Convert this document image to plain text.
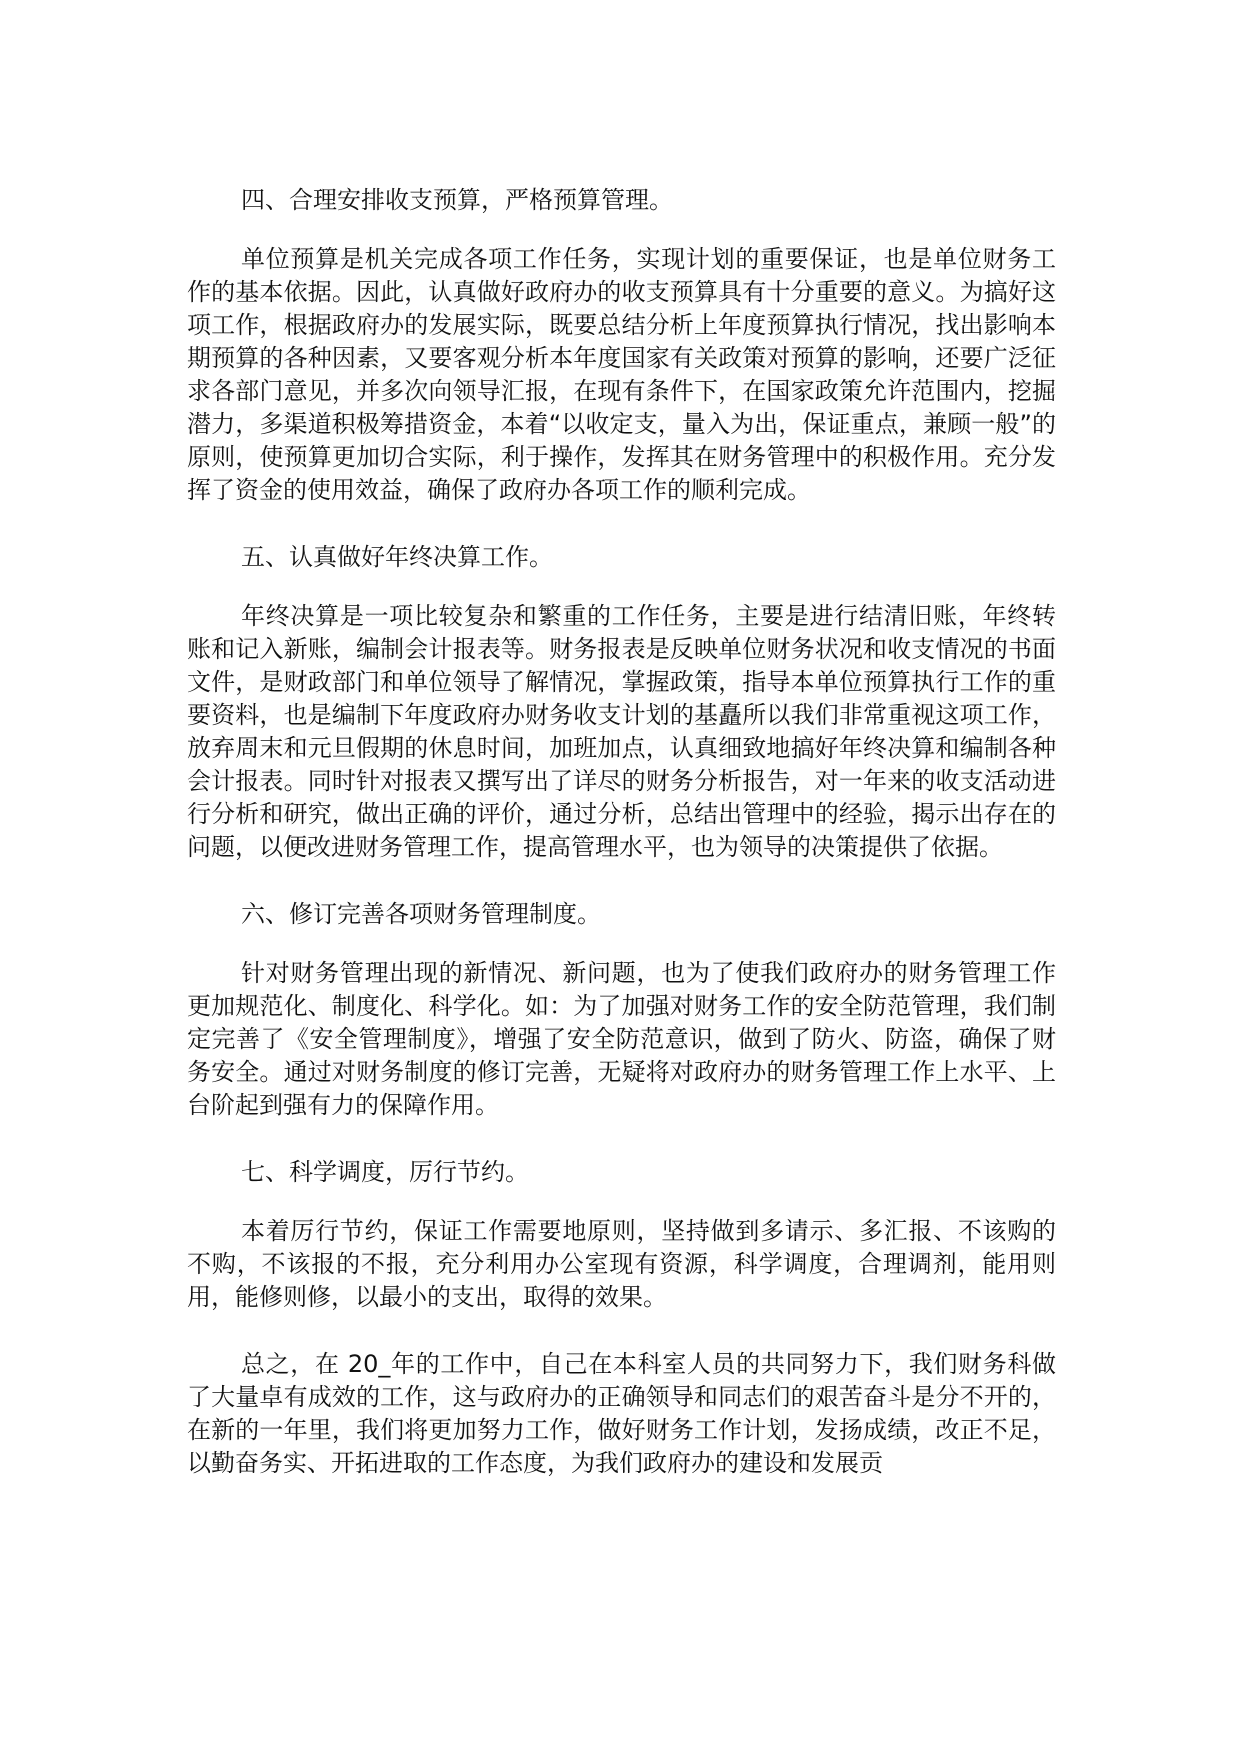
四、合理安排收支预算，严格预算管理。

单位预算是机关完成各项工作任务，实现计划的重要保证，也是单位财务工作的基本依据。因此，认真做好政府办的收支预算具有十分重要的意义。为搞好这项工作，根据政府办的发展实际，既要总结分析上年度预算执行情况，找出影响本期预算的各种因素，又要客观分析本年度国家有关政策对预算的影响，还要广泛征求各部门意见，并多次向领导汇报，在现有条件下，在国家政策允许范围内，挖掘潜力，多渠道积极筹措资金，本着“以收定支，量入为出，保证重点，兼顾一般”的原则，使预算更加切合实际，利于操作，发挥其在财务管理中的积极作用。充分发挥了资金的使用效益，确保了政府办各项工作的顺利完成。

五、认真做好年终决算工作。

年终决算是一项比较复杂和繁重的工作任务，主要是进行结清旧账，年终转账和记入新账，编制会计报表等。财务报表是反映单位财务状况和收支情况的书面文件，是财政部门和单位领导了解情况，掌握政策，指导本单位预算执行工作的重要资料，也是编制下年度政府办财务收支计划的基矗所以我们非常重视这项工作，放弃周末和元旦假期的休息时间，加班加点，认真细致地搞好年终决算和编制各种会计报表。同时针对报表又撰写出了详尽的财务分析报告，对一年来的收支活动进行分析和研究，做出正确的评价，通过分析，总结出管理中的经验，揭示出存在的问题，以便改进财务管理工作，提高管理水平，也为领导的决策提供了依据。

六、修订完善各项财务管理制度。

针对财务管理出现的新情况、新问题，也为了使我们政府办的财务管理工作更加规范化、制度化、科学化。如：为了加强对财务工作的安全防范管理，我们制定完善了《安全管理制度》，增强了安全防范意识，做到了防火、防盗，确保了财务安全。通过对财务制度的修订完善，无疑将对政府办的财务管理工作上水平、上台阶起到强有力的保障作用。

七、科学调度，厉行节约。

本着厉行节约，保证工作需要地原则，坚持做到多请示、多汇报、不该购的不购，不该报的不报，充分利用办公室现有资源，科学调度，合理调剂，能用则用，能修则修，以最小的支出，取得的效果。

总之，在 20_年的工作中，自己在本科室人员的共同努力下，我们财务科做了大量卓有成效的工作，这与政府办的正确领导和同志们的艰苦奋斗是分不开的，在新的一年里，我们将更加努力工作，做好财务工作计划，发扬成绩，改正不足，以勤奋务实、开拓进取的工作态度，为我们政府办的建设和发展贡
